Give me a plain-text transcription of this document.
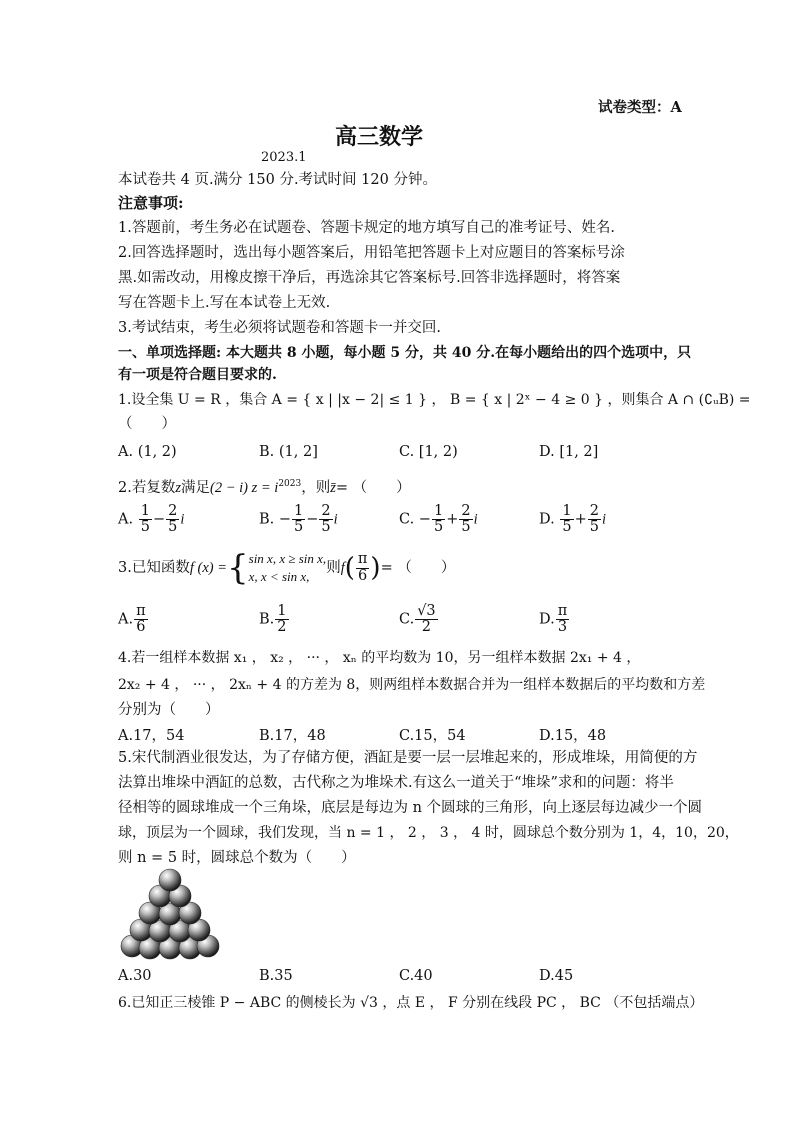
试卷类型：A
高三数学
2023.1
本试卷共 4 页.满分 150 分.考试时间 120 分钟。
注意事项:
1.答题前，考生务必在试题卷、答题卡规定的地方填写自己的准考证号、姓名.
2.回答选择题时，选出每小题答案后，用铅笔把答题卡上对应题目的答案标号涂
黑.如需改动，用橡皮擦干净后，再选涂其它答案标号.回答非选择题时，将答案
写在答题卡上.写在本试卷上无效.
3.考试结束，考生必须将试题卷和答题卡一并交回.
一、单项选择题: 本大题共 8 小题，每小题 5 分，共 40 分.在每小题给出的四个选项中，只
有一项是符合题目要求的.
1.设全集 U = R ，集合 A = { x | |x − 2| ≤ 1 } ， B = { x | 2ˣ − 4 ≥ 0 } ，则集合 A ∩ (∁ᵤB) =
（　　）
A. (1, 2)	B. (1, 2]	C. [1, 2)	D. [1, 2]
2.若复数z满足(2 − i) $z = i^{2023}$，则z̄= （　　）
A. $\frac{1}{5} - \frac{2}{5}$ i	B. − $\frac{1}{5} - \frac{2}{5}$ i	C. − $\frac{1}{5} + \frac{2}{5}$ i	D. $\frac{1}{5} + \frac{2}{5}$ i
3.已知函数 f (x) = { sin x, x ≥ sin x,
x, x < sin x,
则 f ( $\frac{\pi}{6}$ ) = （　　）
A. $\frac{\pi}{6}$	B. $\frac{1}{2}$	C. $\frac{√3}{2}$	D. $\frac{\pi}{3}$
4.若一组样本数据 x₁ ， x₂ ， ··· ， xₙ 的平均数为 10，另一组样本数据 2x₁ + 4 ，
2x₂ + 4 ， ··· ， 2xₙ + 4 的方差为 8，则两组样本数据合并为一组样本数据后的平均数和方差
分别为（　　）
A.17，54	B.17，48	C.15，54	D.15，48
5.宋代制酒业很发达，为了存储方便，酒缸是要一层一层堆起来的，形成堆垛，用简便的方
法算出堆垛中酒缸的总数，古代称之为堆垛术.有这么一道关于“堆垛”求和的问题：将半
径相等的圆球堆成一个三角垛，底层是每边为 n 个圆球的三角形，向上逐层每边减少一个圆
球，顶层为一个圆球，我们发现，当 n = 1 ， 2 ， 3 ， 4 时，圆球总个数分别为 1，4，10，20，
则 n = 5 时，圆球总个数为（　　）
A.30	B.35	C.40	D.45
6.已知正三棱锥 P − ABC 的侧棱长为 √3 ，点 E ， F 分别在线段 PC ， BC （不包括端点）
